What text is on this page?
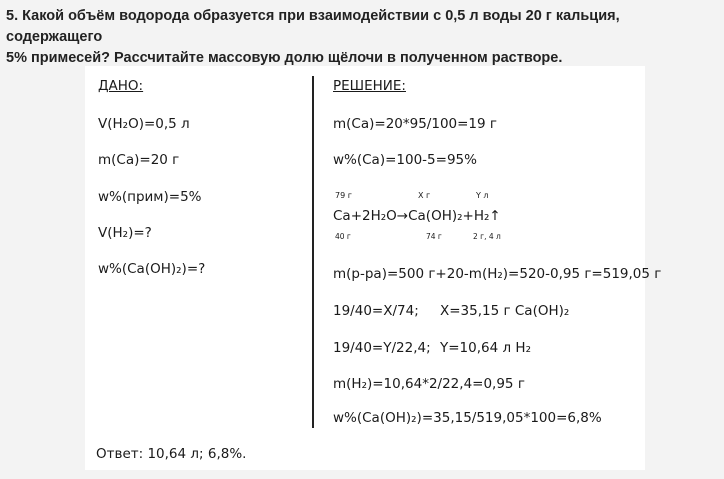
5. Какой объём водорода образуется при взаимодействии с 0,5 л воды 20 г кальция, содержащего
5% примесей? Рассчитайте массовую долю щёлочи в полученном растворе.
ДАНО:
V(H₂O)=0,5 л
m(Ca)=20 г
w%(прим)=5%
V(H₂)=?
w%(Ca(OH)₂)=?
РЕШЕНИЕ:
m(Ca)=20*95/100=19 г
w%(Ca)=100-5=95%
79 г	X г	Y л
Ca+2H₂O→Ca(OH)₂+H₂↑
40 г	74 г	2 г, 4 л
m(р-ра)=500 г+20-m(H₂)=520-0,95 г=519,05 г
19/40=X/74; X=35,15 г Ca(OH)₂
19/40=Y/22,4; Y=10,64 л H₂
m(H₂)=10,64*2/22,4=0,95 г
w%(Ca(OH)₂)=35,15/519,05*100=6,8%
Ответ: 10,64 л; 6,8%.
